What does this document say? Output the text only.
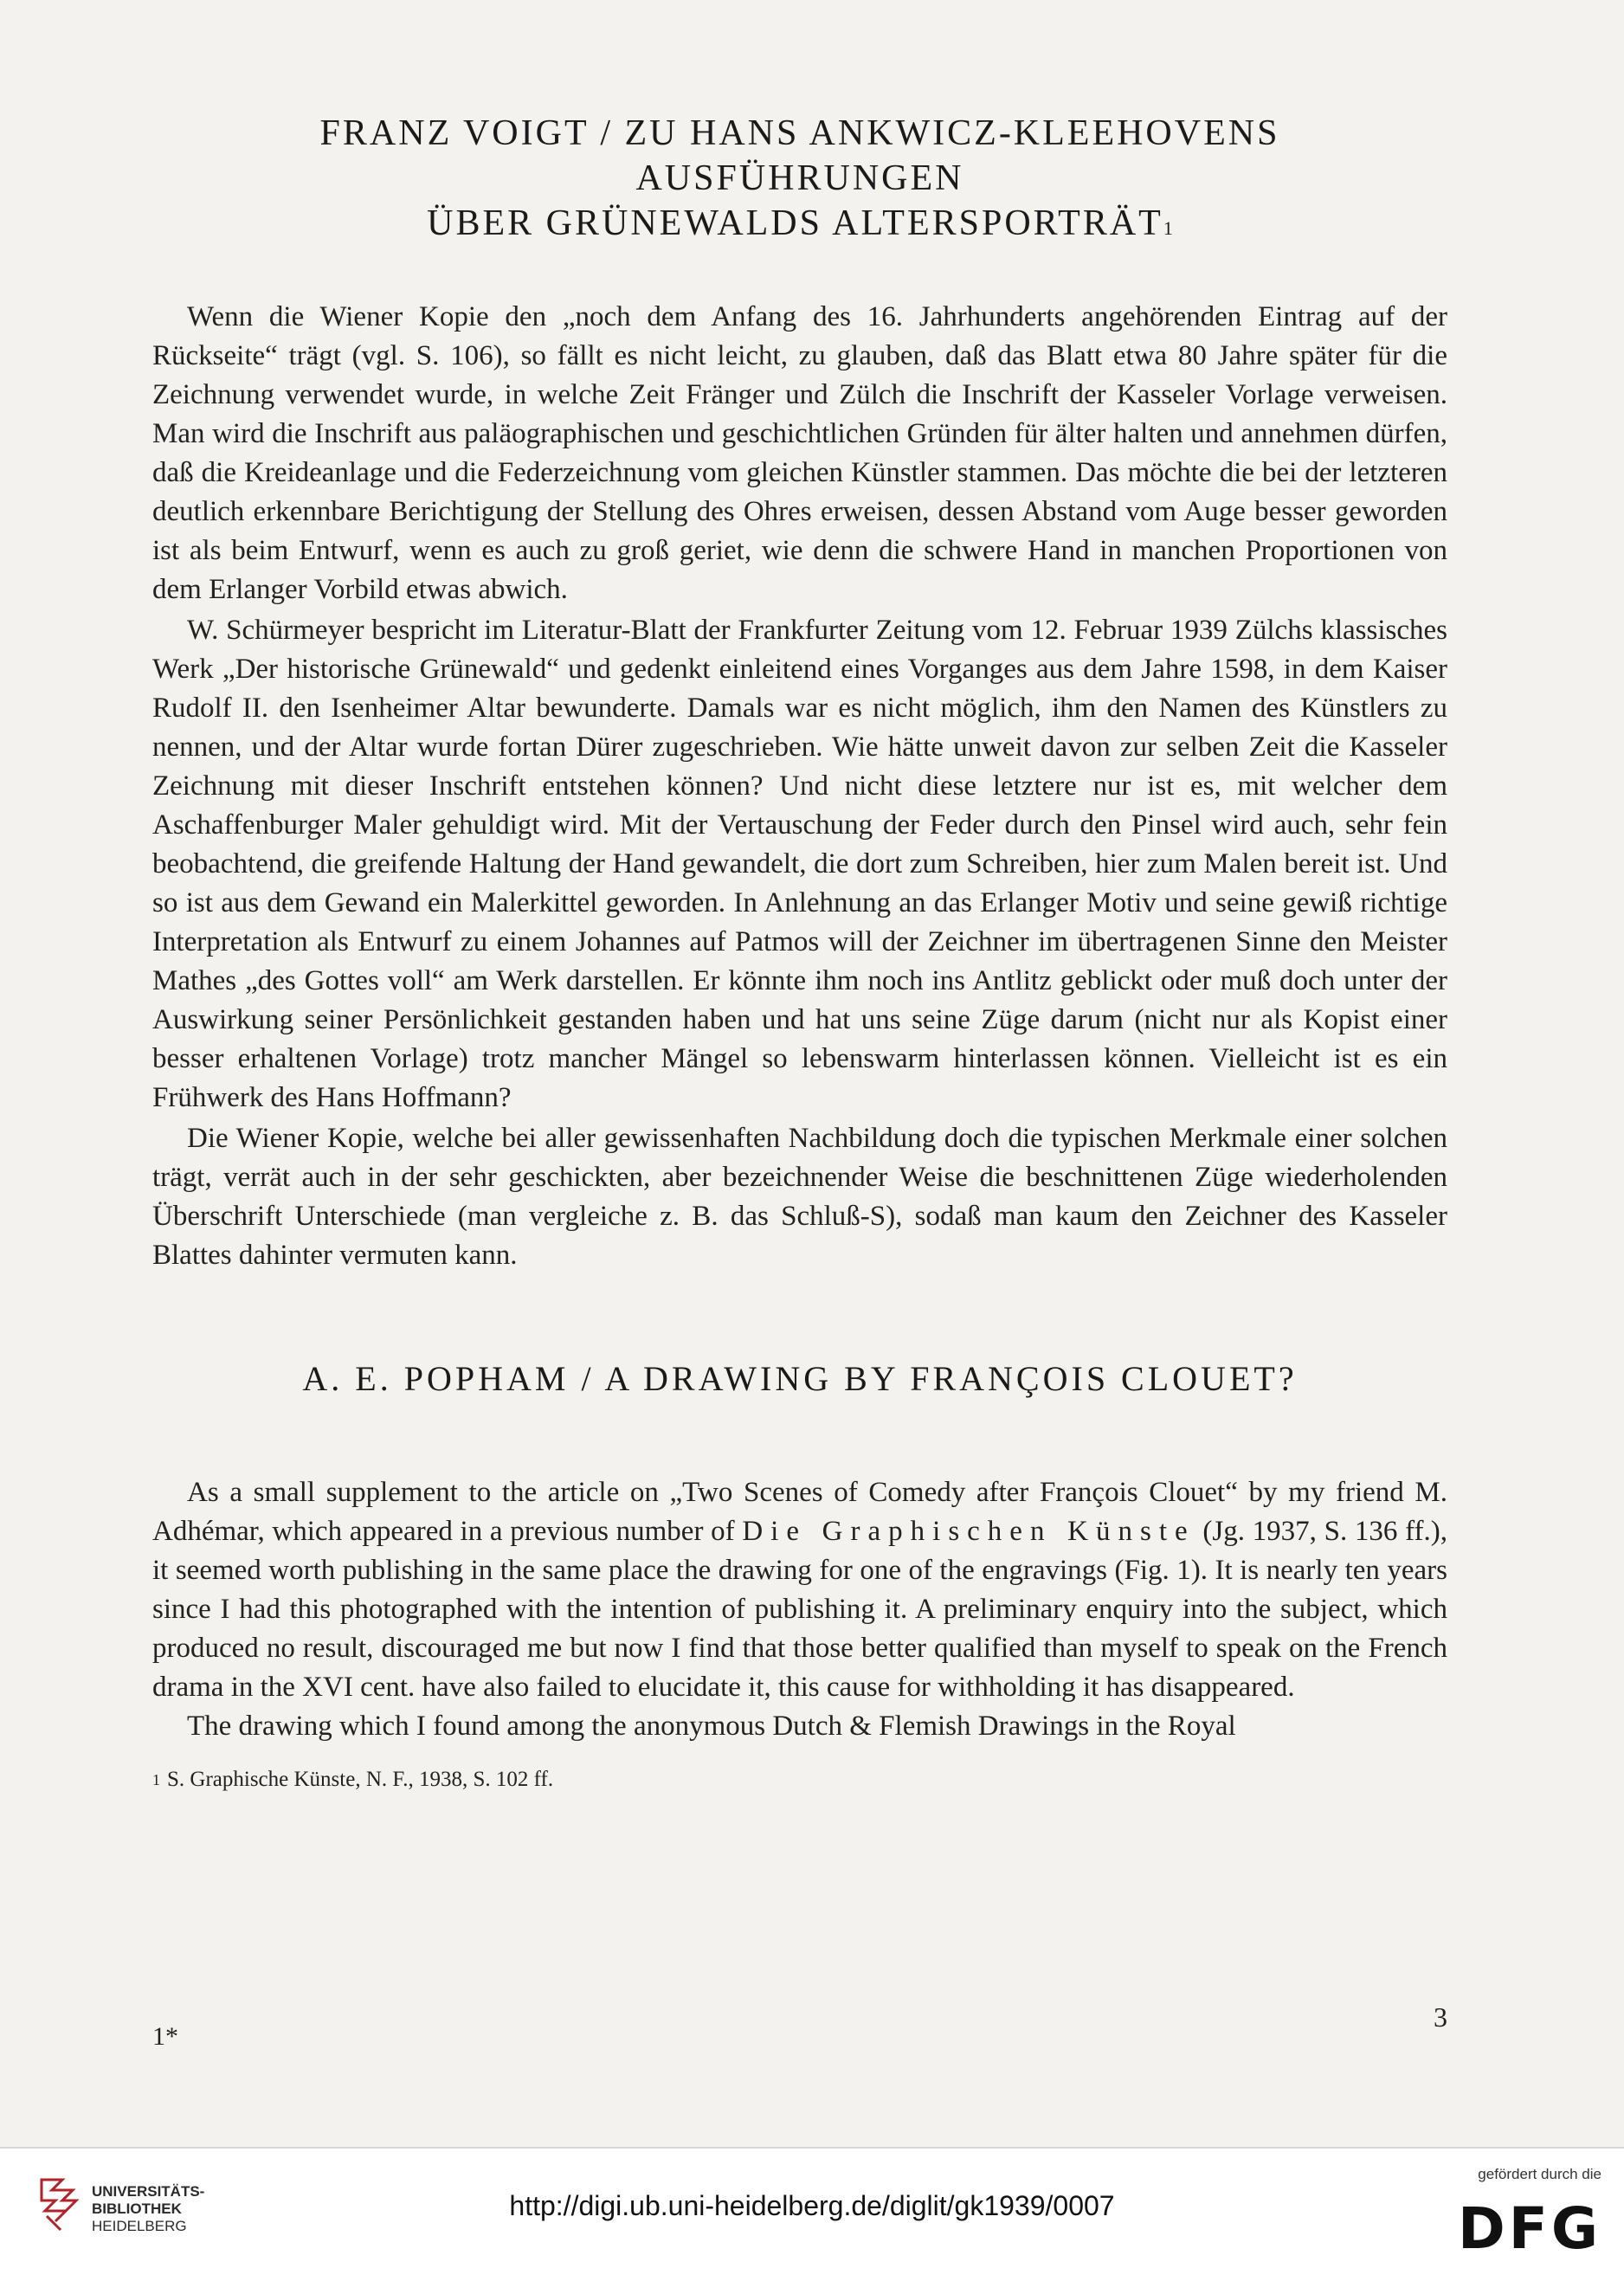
FRANZ VOIGT / ZU HANS ANKWICZ-KLEEHOVENS AUSFÜHRUNGEN
ÜBER GRÜNEWALDS ALTERSPORTRÄT$^1$

Wenn die Wiener Kopie den „noch dem Anfang des 16. Jahrhunderts angehörenden Eintrag auf der Rückseite“ trägt (vgl. S. 106), so fällt es nicht leicht, zu glauben, daß das Blatt etwa 80 Jahre später für die Zeichnung verwendet wurde, in welche Zeit Fränger und Zülch die Inschrift der Kasseler Vorlage verweisen. Man wird die Inschrift aus paläographischen und geschichtlichen Gründen für älter halten und annehmen dürfen, daß die Kreideanlage und die Federzeichnung vom gleichen Künstler stammen. Das möchte die bei der letzteren deutlich erkennbare Berichtigung der Stellung des Ohres erweisen, dessen Abstand vom Auge besser geworden ist als beim Entwurf, wenn es auch zu groß geriet, wie denn die schwere Hand in manchen Proportionen von dem Erlanger Vorbild etwas abwich.

W. Schürmeyer bespricht im Literatur-Blatt der Frankfurter Zeitung vom 12. Februar 1939 Zülchs klassisches Werk „Der historische Grünewald“ und gedenkt einleitend eines Vorganges aus dem Jahre 1598, in dem Kaiser Rudolf II. den Isenheimer Altar bewunderte. Damals war es nicht möglich, ihm den Namen des Künstlers zu nennen, und der Altar wurde fortan Dürer zugeschrieben. Wie hätte unweit davon zur selben Zeit die Kasseler Zeichnung mit dieser Inschrift entstehen können? Und nicht diese letztere nur ist es, mit welcher dem Aschaffenburger Maler gehuldigt wird. Mit der Vertauschung der Feder durch den Pinsel wird auch, sehr fein beobachtend, die greifende Haltung der Hand gewandelt, die dort zum Schreiben, hier zum Malen bereit ist. Und so ist aus dem Gewand ein Malerkittel geworden. In Anlehnung an das Erlanger Motiv und seine gewiß richtige Interpretation als Entwurf zu einem Johannes auf Patmos will der Zeichner im übertragenen Sinne den Meister Mathes „des Gottes voll“ am Werk darstellen. Er könnte ihm noch ins Antlitz geblickt oder muß doch unter der Auswirkung seiner Persönlichkeit gestanden haben und hat uns seine Züge darum (nicht nur als Kopist einer besser erhaltenen Vorlage) trotz mancher Mängel so lebenswarm hinterlassen können. Vielleicht ist es ein Frühwerk des Hans Hoffmann?

Die Wiener Kopie, welche bei aller gewissenhaften Nachbildung doch die typischen Merkmale einer solchen trägt, verrät auch in der sehr geschickten, aber bezeichnender Weise die beschnittenen Züge wiederholenden Überschrift Unterschiede (man vergleiche z. B. das Schluß-S), sodaß man kaum den Zeichner des Kasseler Blattes dahinter vermuten kann.

A. E. POPHAM / A DRAWING BY FRANÇOIS CLOUET?

As a small supplement to the article on „Two Scenes of Comedy after François Clouet“ by my friend M. Adhémar, which appeared in a previous number of Die Graphischen Künste (Jg. 1937, S. 136 ff.), it seemed worth publishing in the same place the drawing for one of the engravings (Fig. 1). It is nearly ten years since I had this photographed with the intention of publishing it. A preliminary enquiry into the subject, which produced no result, discouraged me but now I find that those better qualified than myself to speak on the French drama in the XVI cent. have also failed to elucidate it, this cause for withholding it has disappeared.

The drawing which I found among the anonymous Dutch & Flemish Drawings in the Royal

$^1$ S. Graphische Künste, N. F., 1938, S. 102 ff.
1*
3
UNIVERSITÄTS-
BIBLIOTHEK
HEIDELBERG
http://digi.ub.uni-heidelberg.de/diglit/gk1939/0007
gefördert durch die
DFG
